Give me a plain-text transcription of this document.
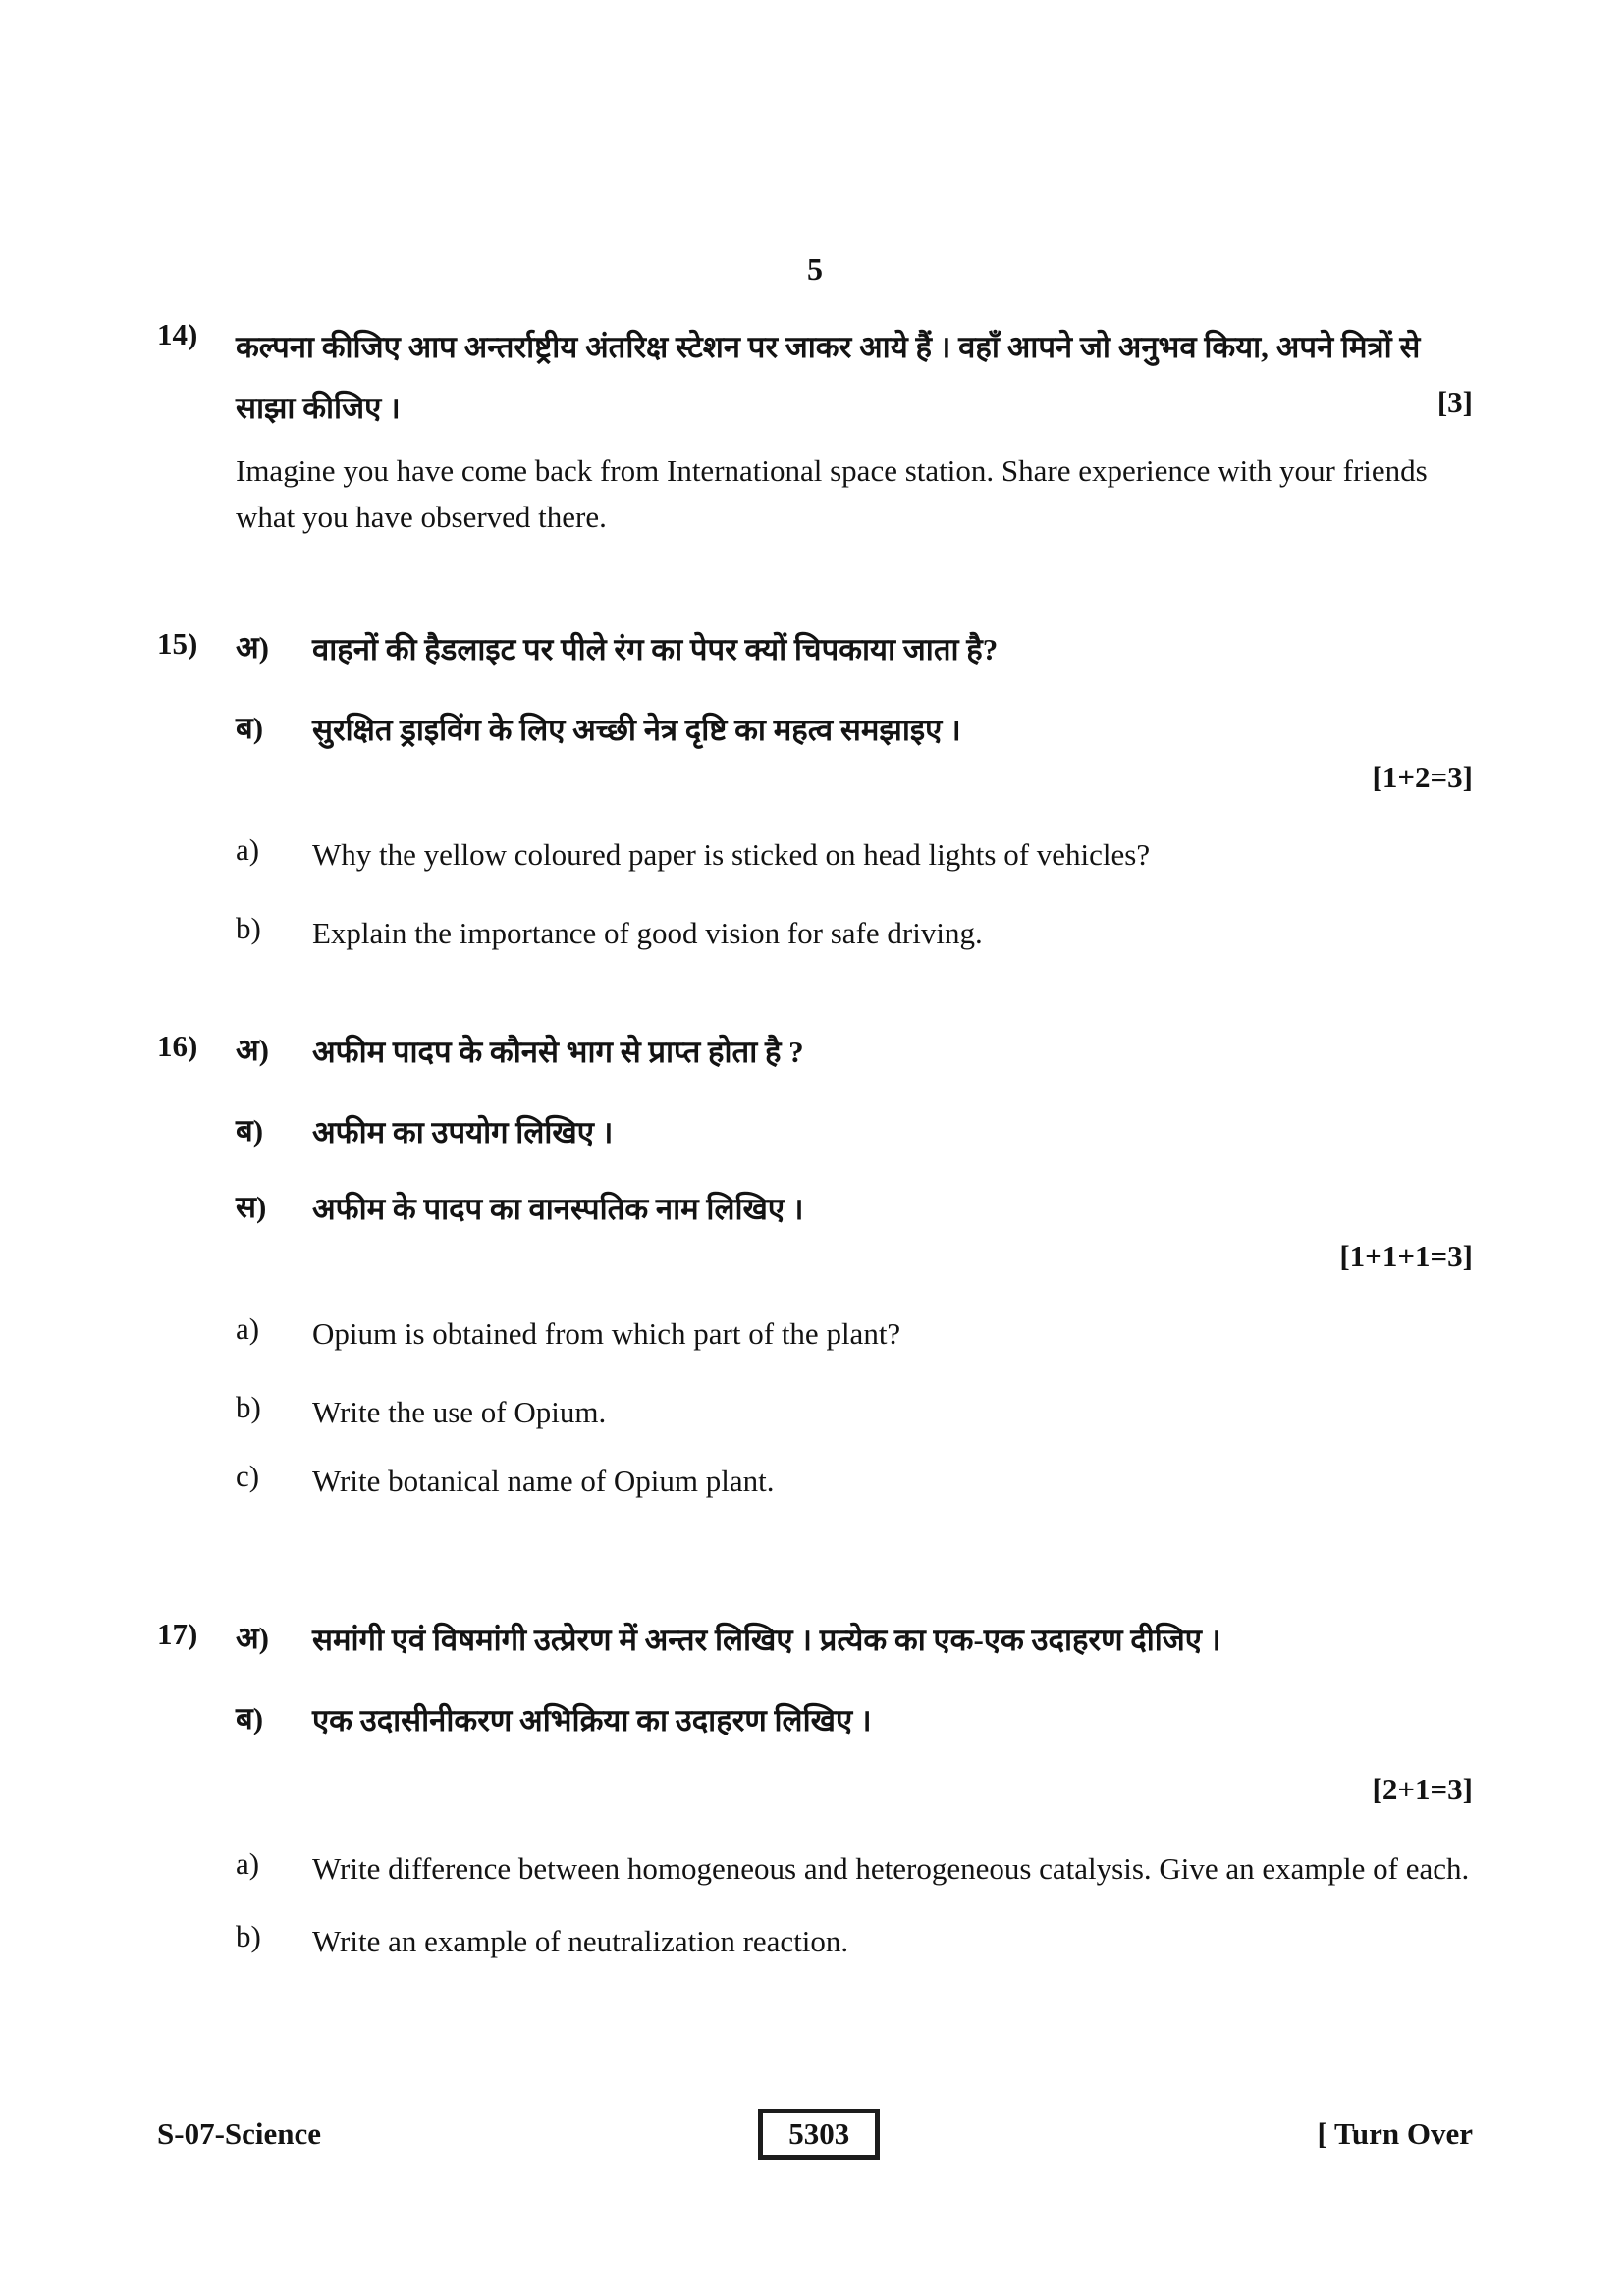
5
14)	कल्पना कीजिए आप अन्तर्राष्ट्रीय अंतरिक्ष स्टेशन पर जाकर आये हैं । वहाँ आपने जो अनुभव किया, अपने मित्रों से साझा कीजिए ।	[3]
Imagine you have come back from International space station. Share experience with your friends what you have observed there.
15)	अ)	वाहनों की हैडलाइट पर पीले रंग का पेपर क्यों चिपकाया जाता है?
ब)	सुरक्षित ड्राइविंग के लिए अच्छी नेत्र दृष्टि का महत्व समझाइए ।
[1+2=3]
a)	Why the yellow coloured paper is sticked on head lights of vehicles?
b)	Explain the importance of good vision for safe driving.
16)	अ)	अफीम पादप के कौनसे भाग से प्राप्त होता है ?
ब)	अफीम का उपयोग लिखिए ।
स)	अफीम के पादप का वानस्पतिक नाम लिखिए ।
[1+1+1=3]
a)	Opium is obtained from which part of the plant?
b)	Write the use of Opium.
c)	Write botanical name of Opium plant.
17)	अ)	समांगी एवं विषमांगी उत्प्रेरण में अन्तर लिखिए । प्रत्येक का एक-एक उदाहरण दीजिए ।
ब)	एक उदासीनीकरण अभिक्रिया का उदाहरण लिखिए ।
[2+1=3]
a)	Write difference between homogeneous and heterogeneous catalysis. Give an example of each.
b)	Write an example of neutralization reaction.
S-07-Science	5303	[ Turn Over
